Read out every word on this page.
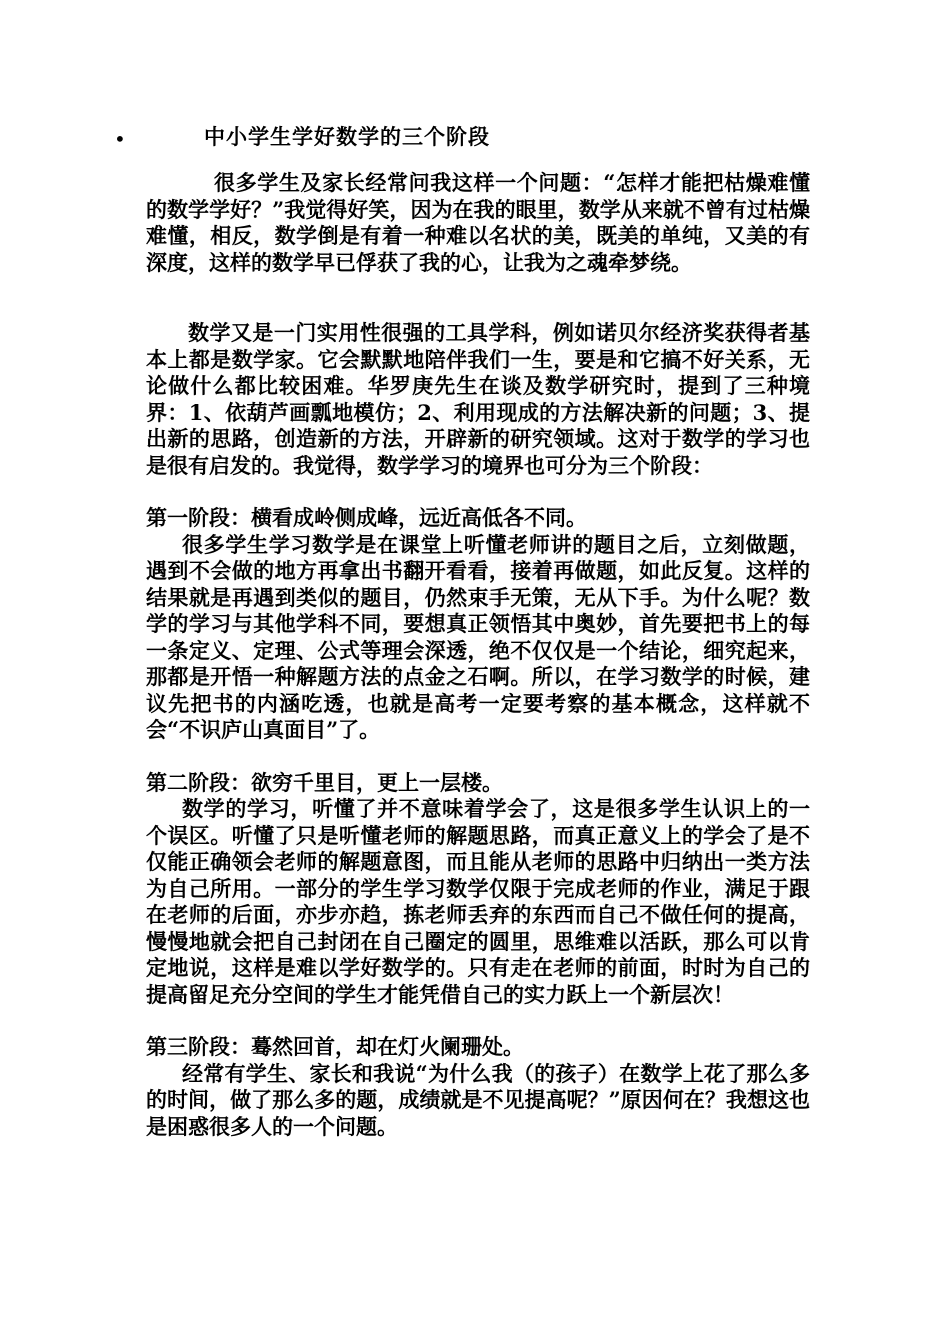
•	中小学生学好数学的三个阶段

很多学生及家长经常问我这样一个问题：“怎样才能把枯燥难懂的数学学好？”我觉得好笑，因为在我的眼里，数学从来就不曾有过枯燥难懂，相反，数学倒是有着一种难以名状的美，既美的单纯，又美的有深度，这样的数学早已俘获了我的心，让我为之魂牵梦绕。

数学又是一门实用性很强的工具学科，例如诺贝尔经济奖获得者基本上都是数学家。它会默默地陪伴我们一生，要是和它搞不好关系，无论做什么都比较困难。华罗庚先生在谈及数学研究时，提到了三种境界：1、依葫芦画瓢地模仿；2、利用现成的方法解决新的问题；3、提出新的思路，创造新的方法，开辟新的研究领域。这对于数学的学习也是很有启发的。我觉得，数学学习的境界也可分为三个阶段：

第一阶段：横看成岭侧成峰，远近高低各不同。

很多学生学习数学是在课堂上听懂老师讲的题目之后，立刻做题，遇到不会做的地方再拿出书翻开看看，接着再做题，如此反复。这样的结果就是再遇到类似的题目，仍然束手无策，无从下手。为什么呢？数学的学习与其他学科不同，要想真正领悟其中奥妙，首先要把书上的每一条定义、定理、公式等理会深透，绝不仅仅是一个结论，细究起来，那都是开悟一种解题方法的点金之石啊。所以，在学习数学的时候，建议先把书的内涵吃透，也就是高考一定要考察的基本概念，这样就不会“不识庐山真面目”了。

第二阶段：欲穷千里目，更上一层楼。

数学的学习，听懂了并不意味着学会了，这是很多学生认识上的一个误区。听懂了只是听懂老师的解题思路，而真正意义上的学会了是不仅能正确领会老师的解题意图，而且能从老师的思路中归纳出一类方法为自己所用。一部分的学生学习数学仅限于完成老师的作业，满足于跟在老师的后面，亦步亦趋，拣老师丢弃的东西而自己不做任何的提高，慢慢地就会把自己封闭在自己圈定的圆里，思维难以活跃，那么可以肯定地说，这样是难以学好数学的。只有走在老师的前面，时时为自己的提高留足充分空间的学生才能凭借自己的实力跃上一个新层次！

第三阶段：蓦然回首，却在灯火阑珊处。

经常有学生、家长和我说“为什么我（的孩子）在数学上花了那么多的时间，做了那么多的题，成绩就是不见提高呢？”原因何在？我想这也是困惑很多人的一个问题。
